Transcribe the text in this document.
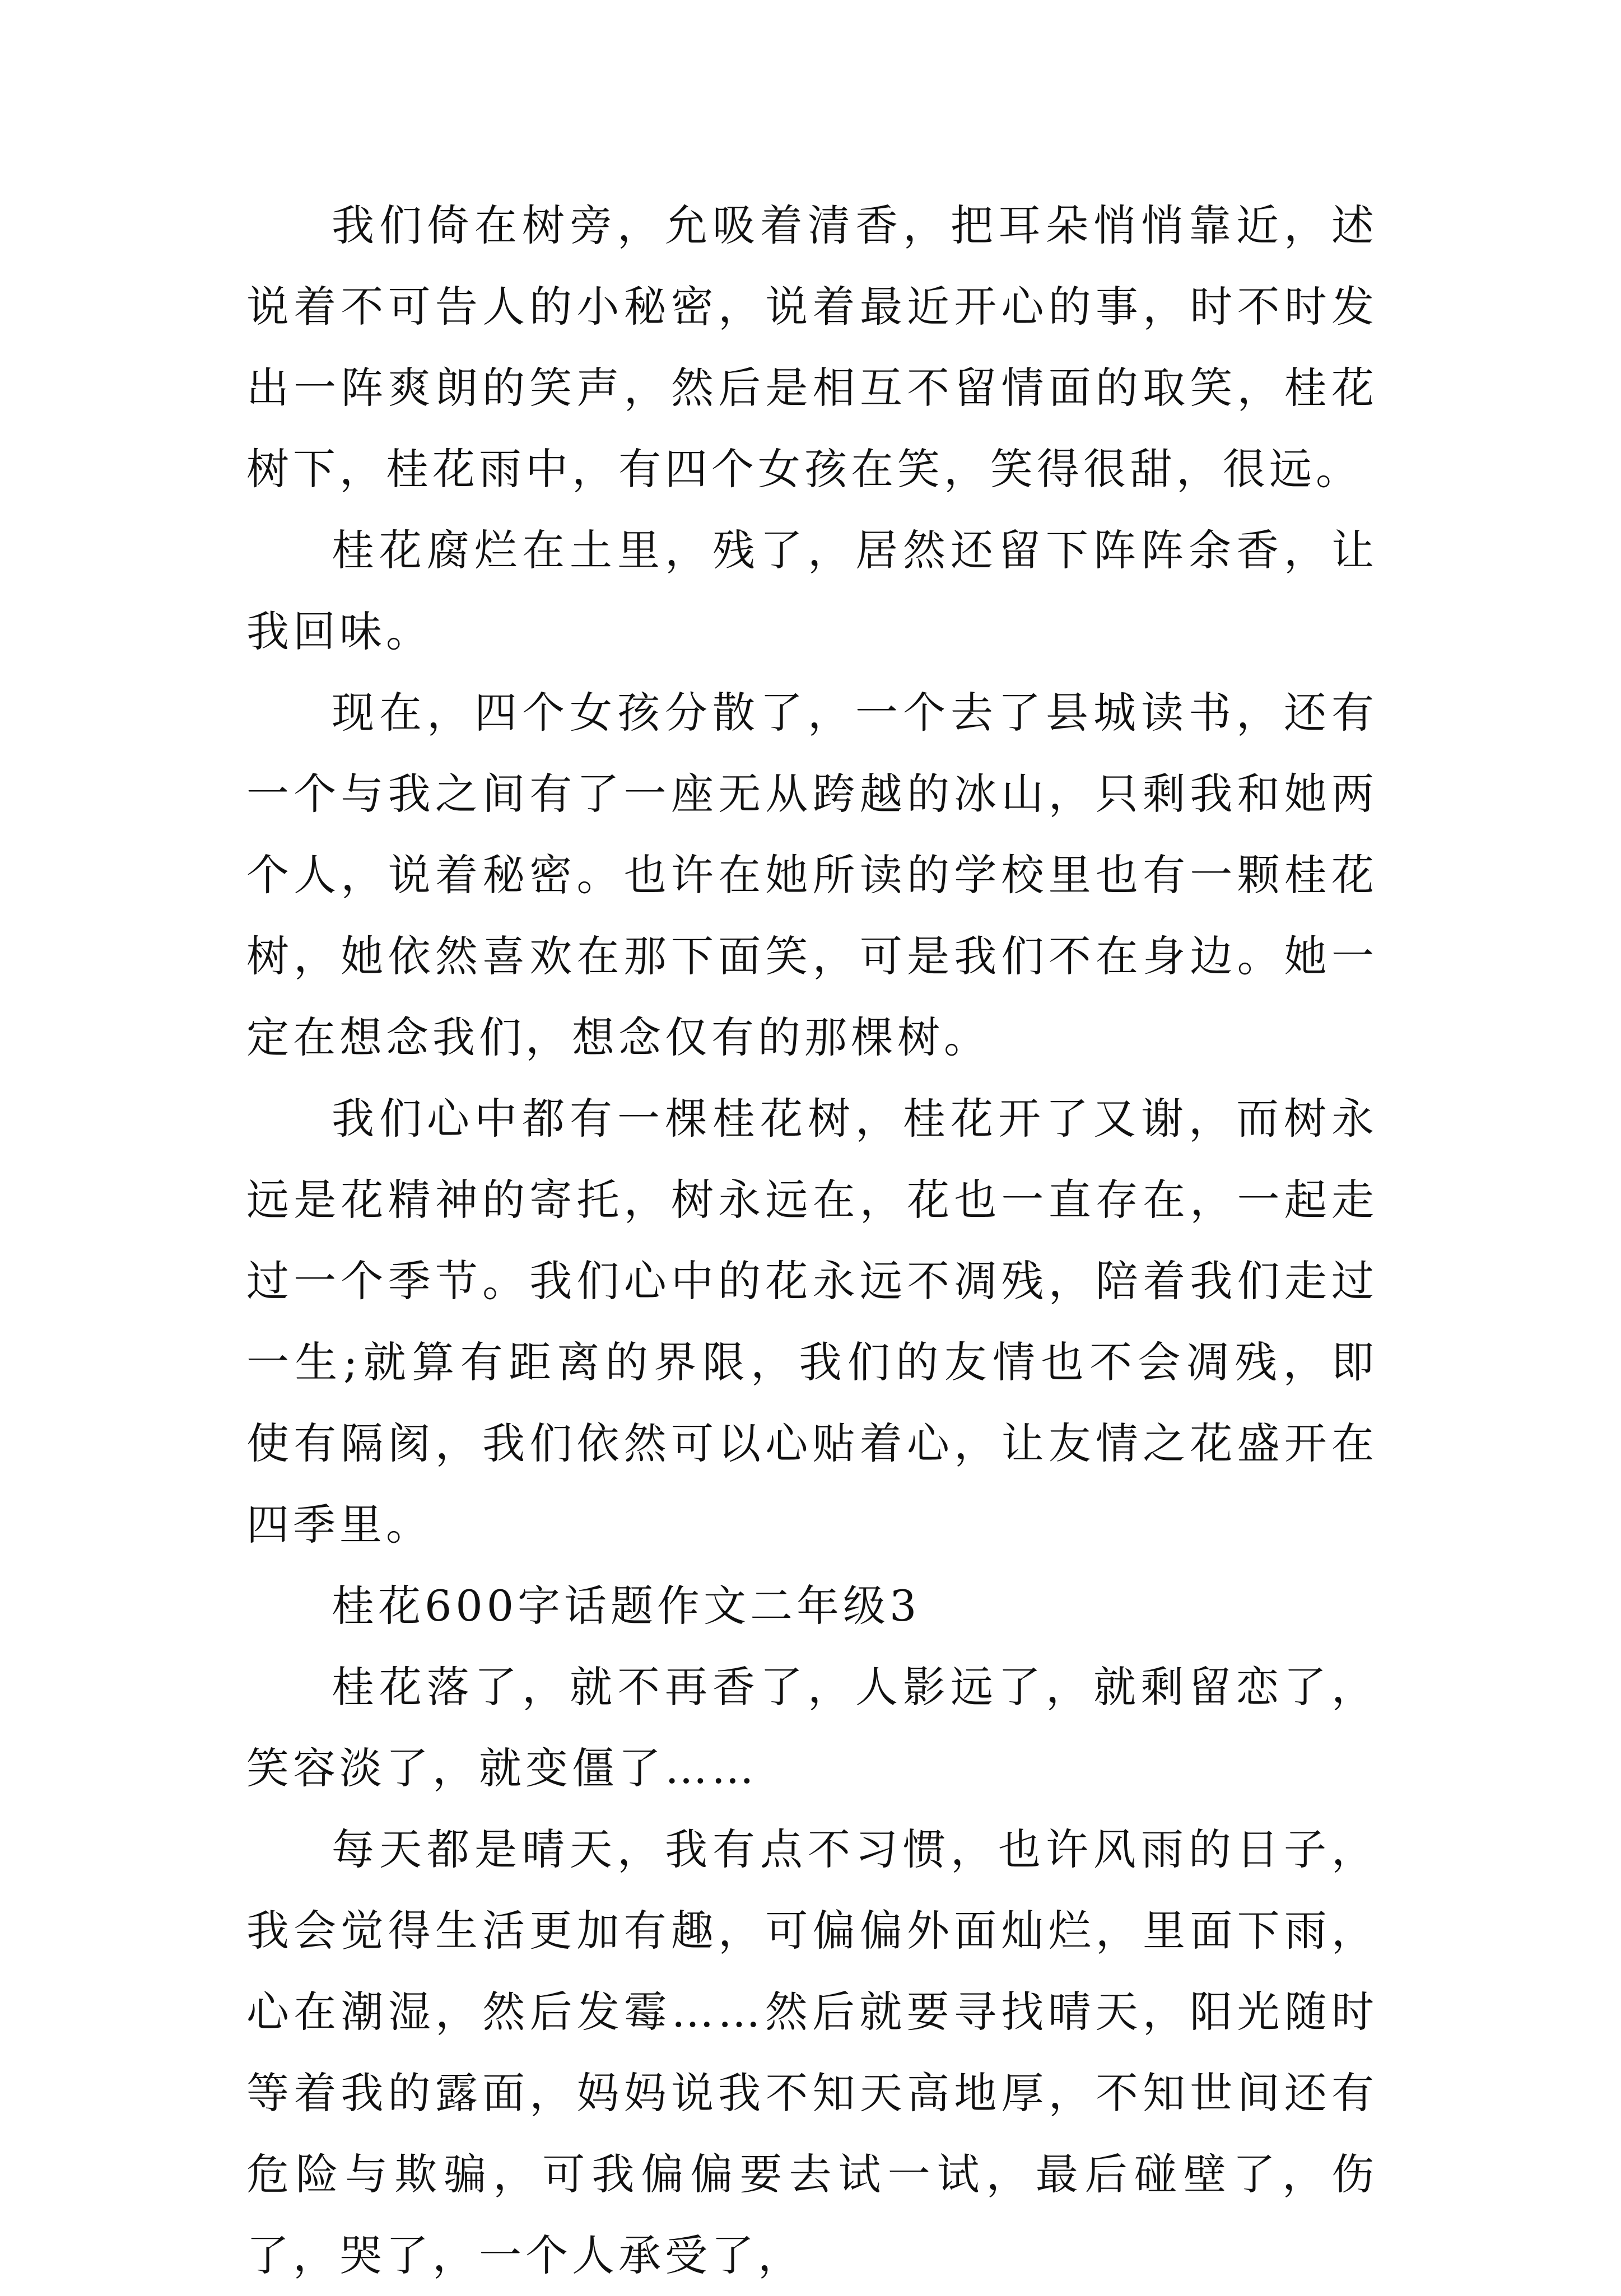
我们倚在树旁，允吸着清香，把耳朵悄悄靠近，述说着不可告人的小秘密，说着最近开心的事，时不时发出一阵爽朗的笑声，然后是相互不留情面的取笑，桂花树下，桂花雨中，有四个女孩在笑，笑得很甜，很远。

桂花腐烂在土里，残了，居然还留下阵阵余香，让我回味。

现在，四个女孩分散了，一个去了县城读书，还有一个与我之间有了一座无从跨越的冰山，只剩我和她两个人，说着秘密。也许在她所读的学校里也有一颗桂花树，她依然喜欢在那下面笑，可是我们不在身边。她一定在想念我们，想念仅有的那棵树。

我们心中都有一棵桂花树，桂花开了又谢，而树永远是花精神的寄托，树永远在，花也一直存在，一起走过一个季节。我们心中的花永远不凋残，陪着我们走过一生;就算有距离的界限，我们的友情也不会凋残，即使有隔阂，我们依然可以心贴着心，让友情之花盛开在四季里。

桂花600字话题作文二年级3

桂花落了，就不再香了，人影远了，就剩留恋了，笑容淡了，就变僵了……

每天都是晴天，我有点不习惯，也许风雨的日子，我会觉得生活更加有趣，可偏偏外面灿烂，里面下雨，心在潮湿，然后发霉……然后就要寻找晴天，阳光随时等着我的露面，妈妈说我不知天高地厚，不知世间还有危险与欺骗，可我偏偏要去试一试，最后碰壁了，伤了，哭了，一个人承受了，
